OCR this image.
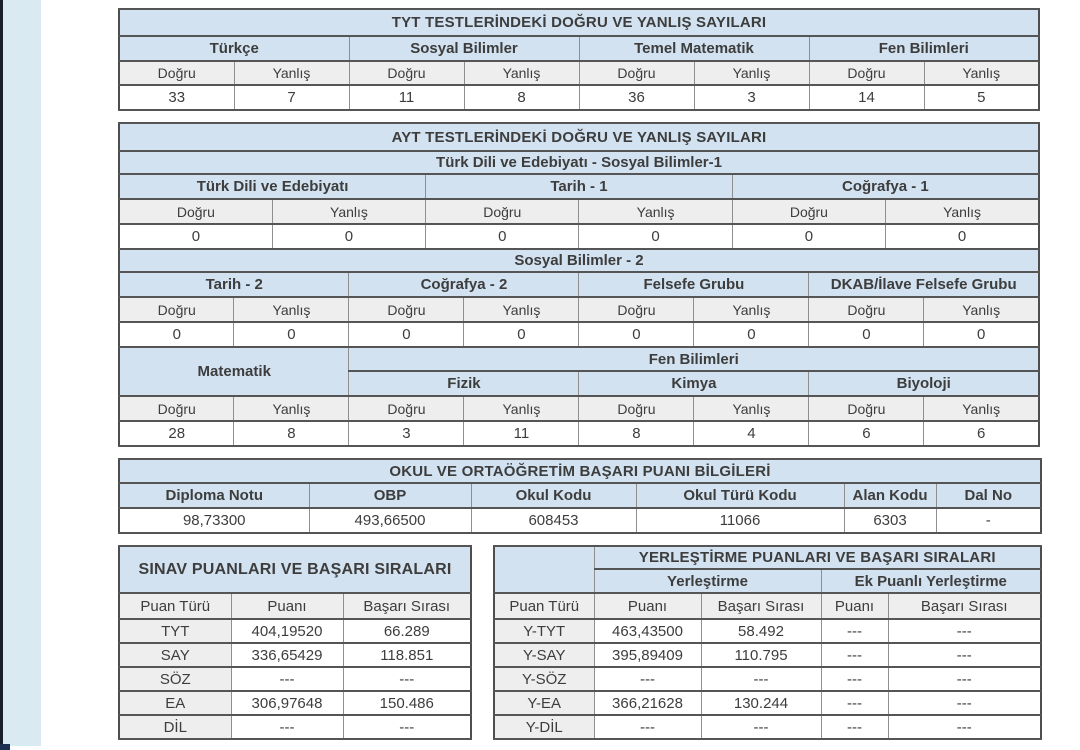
TYT TESTLERİNDEKİ DOĞRU VE YANLIŞ SAYILARI							
Türkçe		Sosyal Bilimler		Temel Matematik		Fen Bilimleri	
Doğru	Yanlış	Doğru	Yanlış	Doğru	Yanlış	Doğru	Yanlış
33	7	11	8	36	3	14	5
AYT TESTLERİNDEKİ DOĞRU VE YANLIŞ SAYILARI											
Türk Dili ve Edebiyatı - Sosyal Bilimler-1											
Türk Dili ve Edebiyatı				Tarih - 1				Coğrafya - 1			
Doğru		Yanlış		Doğru		Yanlış		Doğru		Yanlış	
0		0		0		0		0		0	
Sosyal Bilimler - 2											
Tarih - 2			Coğrafya - 2			Felsefe Grubu			DKAB/İlave Felsefe Grubu		
Doğru	Yanlış		Doğru		Yanlış	Doğru	Yanlış		Doğru		Yanlış
0	0		0		0	0	0		0		0
Matematik			Fen Bilimleri								
			Fizik			Kimya			Biyoloji		
Doğru	Yanlış		Doğru		Yanlış	Doğru	Yanlış		Doğru		Yanlış
28	8		3		11	8	4		6		6
OKUL VE ORTAÖĞRETİM BAŞARI PUANI BİLGİLERİ					
Diploma Notu	OBP	Okul Kodu	Okul Türü Kodu	Alan Kodu	Dal No
98,73300	493,66500	608453	11066	6303	-
SINAV PUANLARI VE BAŞARI SIRALARI		
Puan Türü	Puanı	Başarı Sırası
TYT	404,19520	66.289
SAY	336,65429	118.851
SÖZ	---	---
EA	306,97648	150.486
DİL	---	---
	YERLEŞTİRME PUANLARI VE BAŞARI SIRALARI			
	Yerleştirme		Ek Puanlı Yerleştirme	
Puan Türü	Puanı	Başarı Sırası	Puanı	Başarı Sırası
Y-TYT	463,43500	58.492	---	---
Y-SAY	395,89409	110.795	---	---
Y-SÖZ	---	---	---	---
Y-EA	366,21628	130.244	---	---
Y-DİL	---	---	---	---
